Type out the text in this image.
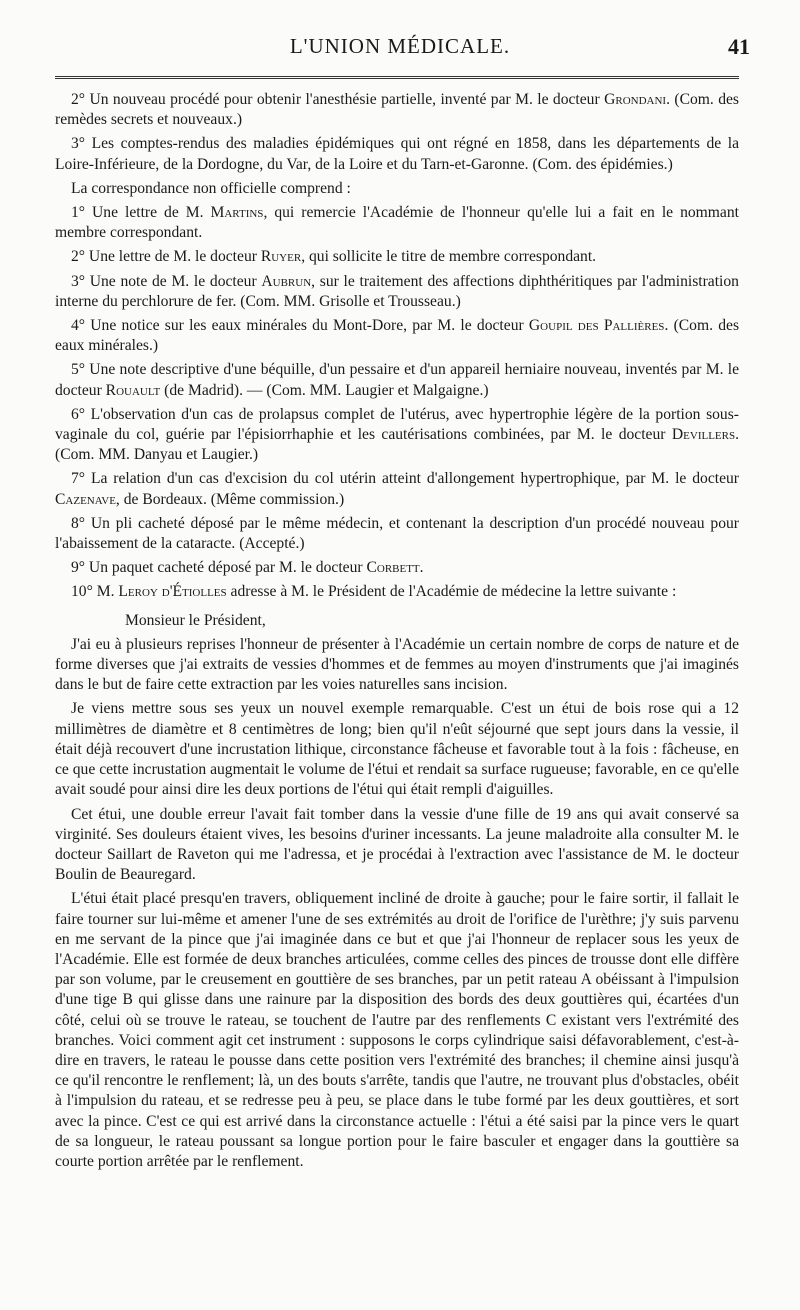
L'UNION MÉDICALE.	41

2° Un nouveau procédé pour obtenir l'anesthésie partielle, inventé par M. le docteur Grondani. (Com. des remèdes secrets et nouveaux.)

3° Les comptes-rendus des maladies épidémiques qui ont régné en 1858, dans les départements de la Loire-Inférieure, de la Dordogne, du Var, de la Loire et du Tarn-et-Garonne. (Com. des épidémies.)

La correspondance non officielle comprend :

1° Une lettre de M. Martins, qui remercie l'Académie de l'honneur qu'elle lui a fait en le nommant membre correspondant.

2° Une lettre de M. le docteur Ruyer, qui sollicite le titre de membre correspondant.

3° Une note de M. le docteur Aubrun, sur le traitement des affections diphthéritiques par l'administration interne du perchlorure de fer. (Com. MM. Grisolle et Trousseau.)

4° Une notice sur les eaux minérales du Mont-Dore, par M. le docteur Goupil des Pallières. (Com. des eaux minérales.)

5° Une note descriptive d'une béquille, d'un pessaire et d'un appareil herniaire nouveau, inventés par M. le docteur Rouault (de Madrid). — (Com. MM. Laugier et Malgaigne.)

6° L'observation d'un cas de prolapsus complet de l'utérus, avec hypertrophie légère de la portion sous-vaginale du col, guérie par l'épisiorrhaphie et les cautérisations combinées, par M. le docteur Devillers. (Com. MM. Danyau et Laugier.)

7° La relation d'un cas d'excision du col utérin atteint d'allongement hypertrophique, par M. le docteur Cazenave, de Bordeaux. (Même commission.)

8° Un pli cacheté déposé par le même médecin, et contenant la description d'un procédé nouveau pour l'abaissement de la cataracte. (Accepté.)

9° Un paquet cacheté déposé par M. le docteur Corbett.

10° M. Leroy d'Étiolles adresse à M. le Président de l'Académie de médecine la lettre suivante :

Monsieur le Président,

J'ai eu à plusieurs reprises l'honneur de présenter à l'Académie un certain nombre de corps de nature et de forme diverses que j'ai extraits de vessies d'hommes et de femmes au moyen d'instruments que j'ai imaginés dans le but de faire cette extraction par les voies naturelles sans incision.

Je viens mettre sous ses yeux un nouvel exemple remarquable. C'est un étui de bois rose qui a 12 millimètres de diamètre et 8 centimètres de long; bien qu'il n'eût séjourné que sept jours dans la vessie, il était déjà recouvert d'une incrustation lithique, circonstance fâcheuse et favorable tout à la fois : fâcheuse, en ce que cette incrustation augmentait le volume de l'étui et rendait sa surface rugueuse; favorable, en ce qu'elle avait soudé pour ainsi dire les deux portions de l'étui qui était rempli d'aiguilles.

Cet étui, une double erreur l'avait fait tomber dans la vessie d'une fille de 19 ans qui avait conservé sa virginité. Ses douleurs étaient vives, les besoins d'uriner incessants. La jeune maladroite alla consulter M. le docteur Saillart de Raveton qui me l'adressa, et je procédai à l'extraction avec l'assistance de M. le docteur Boulin de Beauregard.

L'étui était placé presqu'en travers, obliquement incliné de droite à gauche; pour le faire sortir, il fallait le faire tourner sur lui-même et amener l'une de ses extrémités au droit de l'orifice de l'urèthre; j'y suis parvenu en me servant de la pince que j'ai imaginée dans ce but et que j'ai l'honneur de replacer sous les yeux de l'Académie. Elle est formée de deux branches articulées, comme celles des pinces de trousse dont elle diffère par son volume, par le creusement en gouttière de ses branches, par un petit rateau A obéissant à l'impulsion d'une tige B qui glisse dans une rainure par la disposition des bords des deux gouttières qui, écartées d'un côté, celui où se trouve le rateau, se touchent de l'autre par des renflements C existant vers l'extrémité des branches. Voici comment agit cet instrument : supposons le corps cylindrique saisi défavorablement, c'est-à-dire en travers, le rateau le pousse dans cette position vers l'extrémité des branches; il chemine ainsi jusqu'à ce qu'il rencontre le renflement; là, un des bouts s'arrête, tandis que l'autre, ne trouvant plus d'obstacles, obéit à l'impulsion du rateau, et se redresse peu à peu, se place dans le tube formé par les deux gouttières, et sort avec la pince. C'est ce qui est arrivé dans la circonstance actuelle : l'étui a été saisi par la pince vers le quart de sa longueur, le rateau poussant sa longue portion pour le faire basculer et engager dans la gouttière sa courte portion arrêtée par le renflement.
